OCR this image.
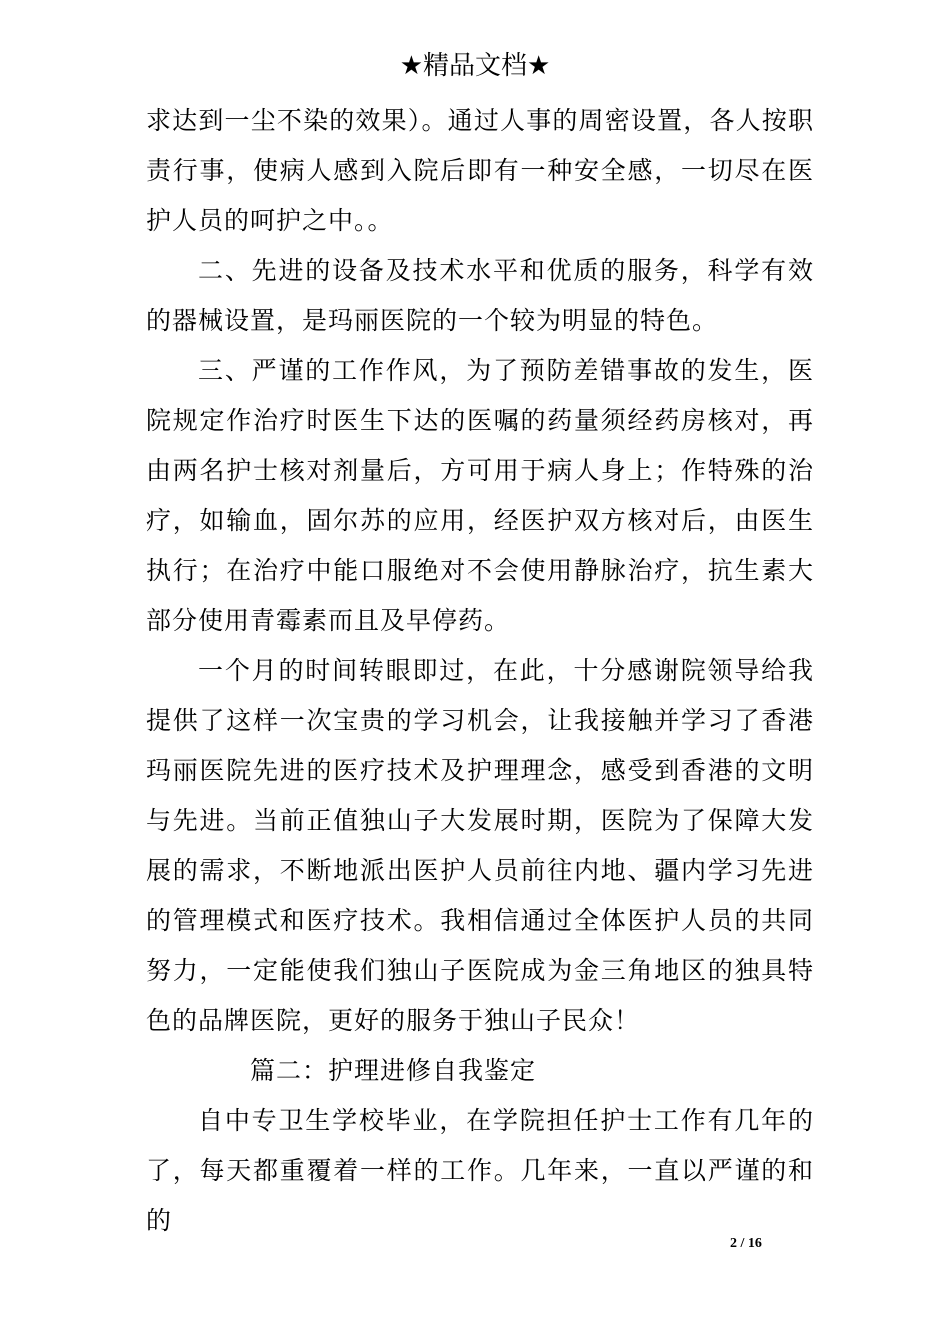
★精品文档★

求达到一尘不染的效果）。通过人事的周密设置，各人按职责行事，使病人感到入院后即有一种安全感，一切尽在医护人员的呵护之中。。

二、先进的设备及技术水平和优质的服务，科学有效的器械设置，是玛丽医院的一个较为明显的特色。

三、严谨的工作作风，为了预防差错事故的发生，医院规定作治疗时医生下达的医嘱的药量须经药房核对，再由两名护士核对剂量后，方可用于病人身上；作特殊的治疗，如输血，固尔苏的应用，经医护双方核对后，由医生执行；在治疗中能口服绝对不会使用静脉治疗，抗生素大部分使用青霉素而且及早停药。

一个月的时间转眼即过，在此，十分感谢院领导给我提供了这样一次宝贵的学习机会，让我接触并学习了香港玛丽医院先进的医疗技术及护理理念，感受到香港的文明与先进。当前正值独山子大发展时期，医院为了保障大发展的需求，不断地派出医护人员前往内地、疆内学习先进的管理模式和医疗技术。我相信通过全体医护人员的共同努力，一定能使我们独山子医院成为金三角地区的独具特色的品牌医院，更好的服务于独山子民众！

篇二：护理进修自我鉴定

自中专卫生学校毕业，在学院担任护士工作有几年的了，每天都重覆着一样的工作。几年来，一直以严谨的和的

2 / 16
